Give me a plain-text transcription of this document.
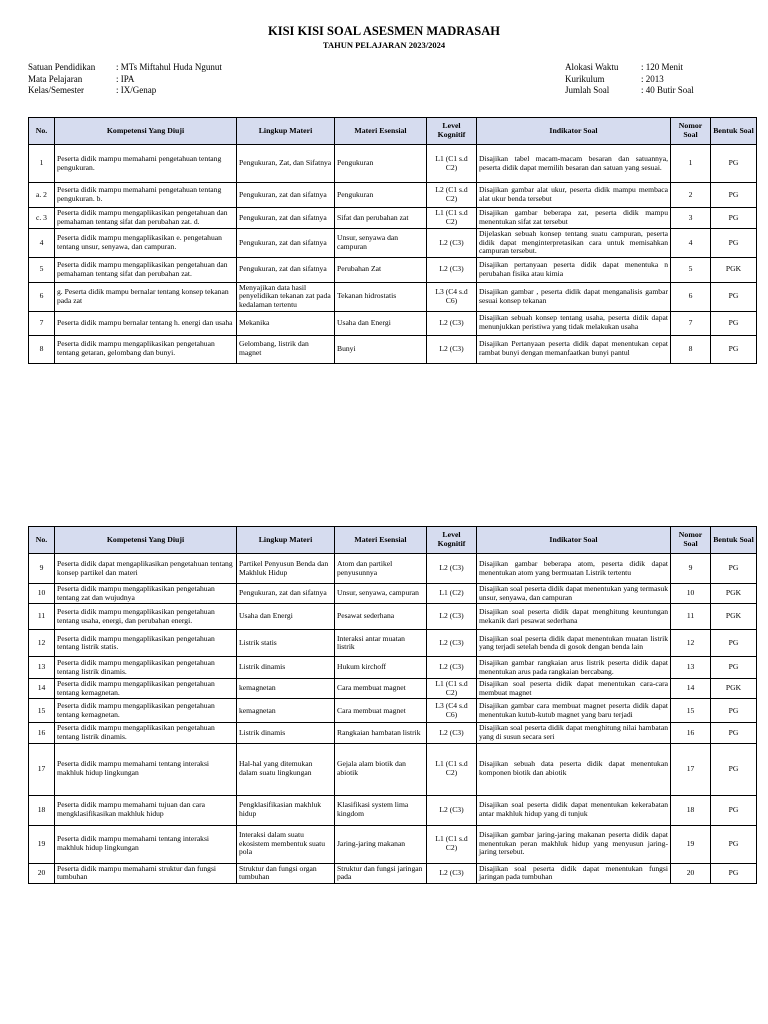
KISI KISI SOAL ASESMEN MADRASAH
TAHUN PELAJARAN 2023/2024
Satuan Pendidikan	: MTs Miftahul Huda Ngunut
Mata Pelajaran	: IPA
Kelas/Semester	: IX/Genap
Alokasi Waktu	: 120 Menit
Kurikulum	: 2013
Jumlah Soal	: 40 Butir Soal
No.	Kompetensi Yang Diuji	Lingkup Materi	Materi Esensial	Level Kognitif	Indikator Soal	Nomor Soal	Bentuk Soal
1	Peserta didik mampu memahami pengetahuan tentang pengukuran.	Pengukuran, Zat, dan Sifatnya	Pengukuran	L1 (C1 s.d C2)	Disajikan tabel macam-macam besaran dan satuannya, peserta didik dapat memilih besaran dan satuan yang sesuai.	1	PG
a. 2	Peserta didik mampu memahami pengetahuan tentang pengukuran. b.	Pengukuran, zat dan sifatnya	Pengukuran	L2 (C1 s.d C2)	Disajikan gambar alat ukur, peserta didik mampu membaca alat ukur benda tersebut	2	PG
c. 3	Peserta didik mampu mengaplikasikan pengetahuan dan pemahaman tentang sifat dan perubahan zat. d.	Pengukuran, zat dan sifatnya	Sifat dan perubahan zat	L1 (C1 s.d C2)	Disajikan gambar beberapa zat, peserta didik mampu menentukan sifat zat tersebut	3	PG
4	Peserta didik mampu mengaplikasikan e. pengetahuan tentang unsur, senyawa, dan campuran.	Pengukuran, zat dan sifatnya	Unsur, senyawa dan campuran	L2 (C3)	Dijelaskan sebuah konsep tentang suatu campuran, peserta didik dapat menginterpretasikan cara untuk memisahkan campuran tersebut.	4	PG
5	Peserta didik mampu mengaplikasikan pengetahuan dan pemahaman tentang sifat dan perubahan zat.	Pengukuran, zat dan sifatnya	Perubahan Zat	L2 (C3)	Disajikan pertanyaan peserta didik dapat menentuka n perubahan fisika atau kimia	5	PGK
6	g. Peserta didik mampu bernalar tentang konsep tekanan pada zat	Menyajikan data hasil penyelidikan tekanan zat pada kedalaman tertentu	Tekanan hidrostatis	L3 (C4 s.d C6)	Disajikan gambar , peserta didik dapat menganalisis gambar sesuai konsep tekanan	6	PG
7	Peserta didik mampu bernalar tentang h. energi dan usaha	Mekanika	Usaha dan Energi	L2 (C3)	Disajikan sebuah konsep tentang usaha, peserta didik dapat menunjukkan peristiwa yang tidak melakukan usaha	7	PG
8	Peserta didik mampu mengaplikasikan pengetahuan tentang getaran, gelombang dan bunyi.	Gelombang, listrik dan magnet	Bunyi	L2 (C3)	Disajikan Pertanyaan peserta didik dapat menentukan cepat rambat bunyi dengan memanfaatkan bunyi pantul	8	PG
No.	Kompetensi Yang Diuji	Lingkup Materi	Materi Esensial	Level Kognitif	Indikator Soal	Nomor Soal	Bentuk Soal
9	Peserta didik dapat mengaplikasikan pengetahuan tentang konsep partikel dan materi	Partikel Penyusun Benda dan Makhluk Hidup	Atom dan partikel penyusunnya	L2 (C3)	Disajikan gambar beberapa atom, peserta didik dapat menentukan atom yang bermuatan Listrik tertentu	9	PG
10	Peserta didik mampu mengaplikasikan pengetahuan tentang zat dan wujudnya	Pengukuran, zat dan sifatnya	Unsur, senyawa, campuran	L1 (C2)	Disajikan soal peserta didik dapat menentukan yang termasuk unsur, senyawa, dan campuran	10	PGK
11	Peserta didik mampu mengaplikasikan pengetahuan tentang usaha, energi, dan perubahan energi.	Usaha dan Energi	Pesawat sederhana	L2 (C3)	Disajikan soal peserta didik dapat menghitung keuntungan mekanik dari pesawat sederhana	11	PGK
12	Peserta didik mampu mengaplikasikan pengetahuan tentang listrik statis.	Listrik statis	Interaksi antar muatan listrik	L2 (C3)	Disajikan soal peserta didik dapat menentukan muatan listrik yang terjadi setelah benda di gosok dengan benda lain	12	PG
13	Peserta didik mampu mengaplikasikan pengetahuan tentang listrik dinamis.	Listrik dinamis	Hukum kirchoff	L2 (C3)	Disajikan gambar rangkaian arus listrik peserta didik dapat menentukan arus pada rangkaian bercabang.	13	PG
14	Peserta didik mampu mengaplikasikan pengetahuan tentang kemagnetan.	kemagnetan	Cara membuat magnet	L1 (C1 s.d C2)	Disajikan soal peserta didik dapat menentukan cara-cara membuat magnet	14	PGK
15	Peserta didik mampu mengaplikasikan pengetahuan tentang kemagnetan.	kemagnetan	Cara membuat magnet	L3 (C4 s.d C6)	Disajikan gambar cara membuat magnet peserta didik dapat menentukan kutub-kutub magnet yang baru terjadi	15	PG
16	Peserta didik mampu mengaplikasikan pengetahuan tentang listrik dinamis.	Listrik dinamis	Rangkaian hambatan listrik	L2 (C3)	Disajikan soal peserta didik dapat menghitung nilai hambatan yang di susun secara seri	16	PG
17	Peserta didik mampu memahami tentang interaksi makhluk hidup lingkungan	Hal-hal yang ditemukan dalam suatu lingkungan	Gejala alam biotik dan abiotik	L1 (C1 s.d C2)	Disajikan sebuah data peserta didik dapat menentukan komponen biotik dan abiotik	17	PG
18	Peserta didik mampu memahami tujuan dan cara mengklasifikasikan makhluk hidup	Pengklasifikasian makhluk hidup	Klasifikasi system lima kingdom	L2 (C3)	Disajikan soal peserta didik dapat menentukan kekerabatan antar makhluk hidup yang di tunjuk	18	PG
19	Peserta didik mampu memahami tentang interaksi makhluk hidup lingkungan	Interaksi dalam suatu ekosistem membentuk suatu pola	Jaring-jaring makanan	L1 (C1 s.d C2)	Disajikan gambar jaring-jaring makanan peserta didik dapat menentukan peran makhluk hidup yang menyusun jaring-jaring tersebut.	19	PG
20	Peserta didik mampu memahami struktur dan fungsi tumbuhan	Struktur dan fungsi organ tumbuhan	Struktur dan fungsi jaringan pada	L2 (C3)	Disajikan soal peserta didik dapat menentukan fungsi jaringan pada tumbuhan	20	PG
